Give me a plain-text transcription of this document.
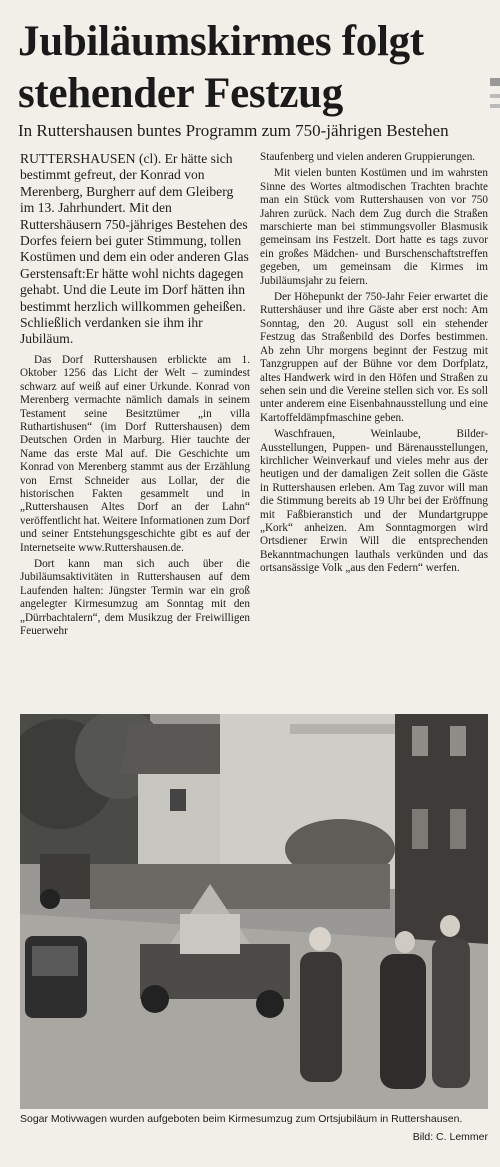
Jubiläumskirmes folgt
stehender Festzug
In Ruttershausen buntes Programm zum 750-jährigen Bestehen
RUTTERSHAUSEN (cl). Er hätte sich bestimmt gefreut, der Konrad von Merenberg, Burgherr auf dem Gleiberg im 13. Jahrhundert. Mit den Ruttershäusern 750-jähriges Bestehen des Dorfes feiern bei guter Stimmung, tollen Kostümen und dem ein oder anderen Glas Gerstensaft:Er hätte wohl nichts dagegen gehabt. Und die Leute im Dorf hätten ihn bestimmt herzlich willkommen geheißen. Schließlich verdanken sie ihm ihr Jubiläum.

Das Dorf Ruttershausen erblickte am 1. Oktober 1256 das Licht der Welt – zumindest schwarz auf weiß auf einer Urkunde. Konrad von Merenberg vermachte nämlich damals in seinem Testament seine Besitztümer „in villa Ruthartishusen“ (im Dorf Ruttershausen) dem Deutschen Orden in Marburg. Hier tauchte der Name das erste Mal auf. Die Geschichte um Konrad von Merenberg stammt aus der Erzählung von Ernst Schneider aus Lollar, der die historischen Fakten gesammelt und in „Ruttershausen Altes Dorf an der Lahn“ veröffentlicht hat. Weitere Informationen zum Dorf und seiner Entstehungsgeschichte gibt es auf der Internetseite www.Ruttershausen.de.

Dort kann man sich auch über die Jubiläumsaktivitäten in Ruttershausen auf dem Laufenden halten: Jüngster Termin war ein groß angelegter Kirmesumzug am Sonntag mit den „Dürrbachtalern“, dem Musikzug der Freiwilligen Feuerwehr

Staufenberg und vielen anderen Gruppierungen.

Mit vielen bunten Kostümen und im wahrsten Sinne des Wortes altmodischen Trachten brachte man ein Stück vom Ruttershausen von vor 750 Jahren zurück. Nach dem Zug durch die Straßen marschierte man bei stimmungsvoller Blasmusik gemeinsam ins Festzelt. Dort hatte es tags zuvor ein großes Mädchen- und Burschenschaftstreffen gegeben, um gemeinsam die Kirmes im Jubiläumsjahr zu feiern.

Der Höhepunkt der 750-Jahr Feier erwartet die Ruttershäuser und ihre Gäste aber erst noch: Am Sonntag, den 20. August soll ein stehender Festzug das Straßenbild des Dorfes bestimmen. Ab zehn Uhr morgens beginnt der Festzug mit Tanzgruppen auf der Bühne vor dem Dorfplatz, altes Handwerk wird in den Höfen und Straßen zu sehen sein und die Vereine stellen sich vor. Es soll unter anderem eine Eisenbahnausstellung und eine Kartoffeldämpfmaschine geben.

Waschfrauen, Weinlaube, Bilder-Ausstellungen, Puppen- und Bärenausstellungen, kirchlicher Weinverkauf und vieles mehr aus der heutigen und der damaligen Zeit sollen die Gäste in Ruttershausen erleben. Am Tag zuvor will man die Stimmung bereits ab 19 Uhr bei der Eröffnung mit Faßbieranstich und der Mundartgruppe „Kork“ anheizen. Am Sonntagmorgen wird Ortsdiener Erwin Will die entsprechenden Bekanntmachungen lauthals verkünden und das ortsansässige Volk „aus den Federn“ werfen.

Sogar Motivwagen wurden aufgeboten beim Kirmesumzug zum Ortsjubiläum in Ruttershausen.
Bild: C. Lemmer
